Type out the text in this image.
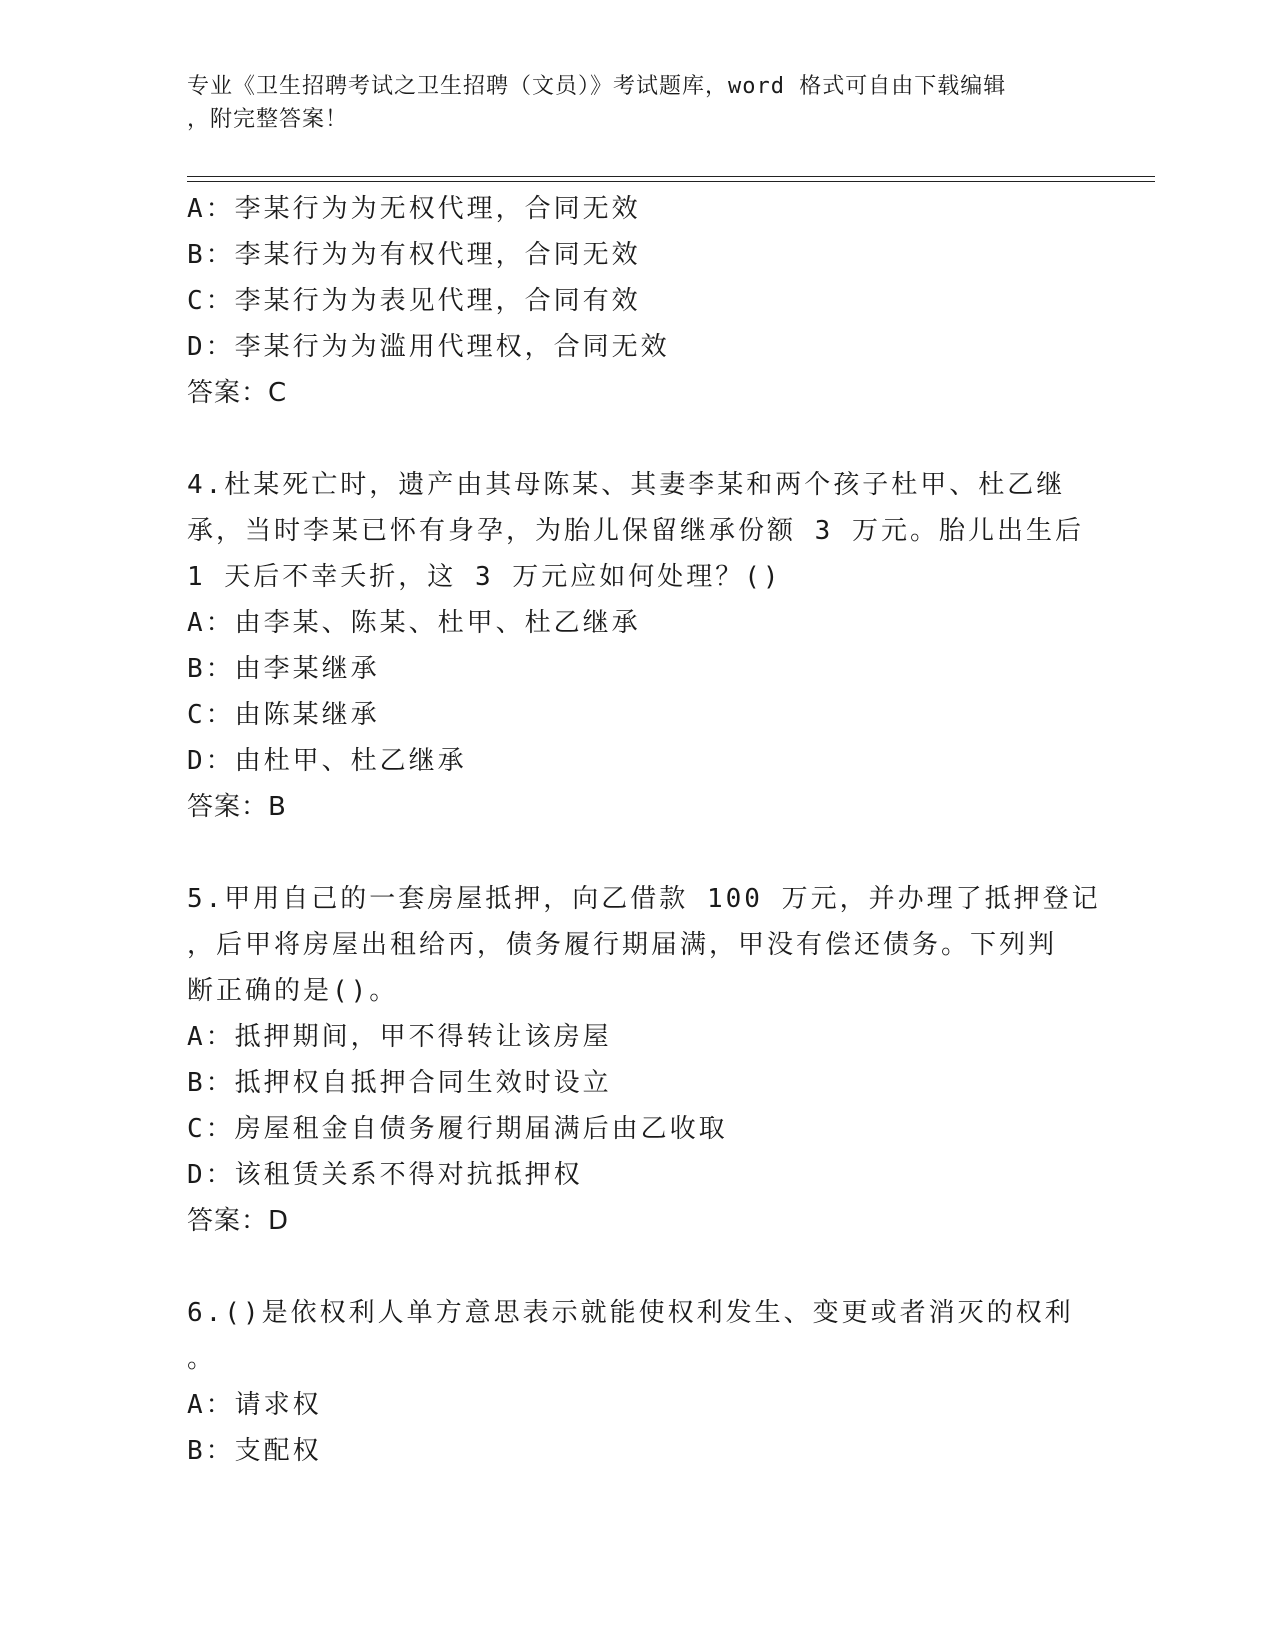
专业《卫生招聘考试之卫生招聘（文员）》考试题库，word 格式可自由下载编辑
，附完整答案！
A：李某行为为无权代理，合同无效
B：李某行为为有权代理，合同无效
C：李某行为为表见代理，合同有效
D：李某行为为滥用代理权，合同无效
答案：C
4.杜某死亡时，遗产由其母陈某、其妻李某和两个孩子杜甲、杜乙继
承，当时李某已怀有身孕，为胎儿保留继承份额 3 万元。胎儿出生后
1 天后不幸夭折，这 3 万元应如何处理？()
A：由李某、陈某、杜甲、杜乙继承
B：由李某继承
C：由陈某继承
D：由杜甲、杜乙继承
答案：B
5.甲用自己的一套房屋抵押，向乙借款 100 万元，并办理了抵押登记
，后甲将房屋出租给丙，债务履行期届满，甲没有偿还债务。下列判
断正确的是()。
A：抵押期间，甲不得转让该房屋
B：抵押权自抵押合同生效时设立
C：房屋租金自债务履行期届满后由乙收取
D：该租赁关系不得对抗抵押权
答案：D
6.()是依权利人单方意思表示就能使权利发生、变更或者消灭的权利
。
A：请求权
B：支配权
